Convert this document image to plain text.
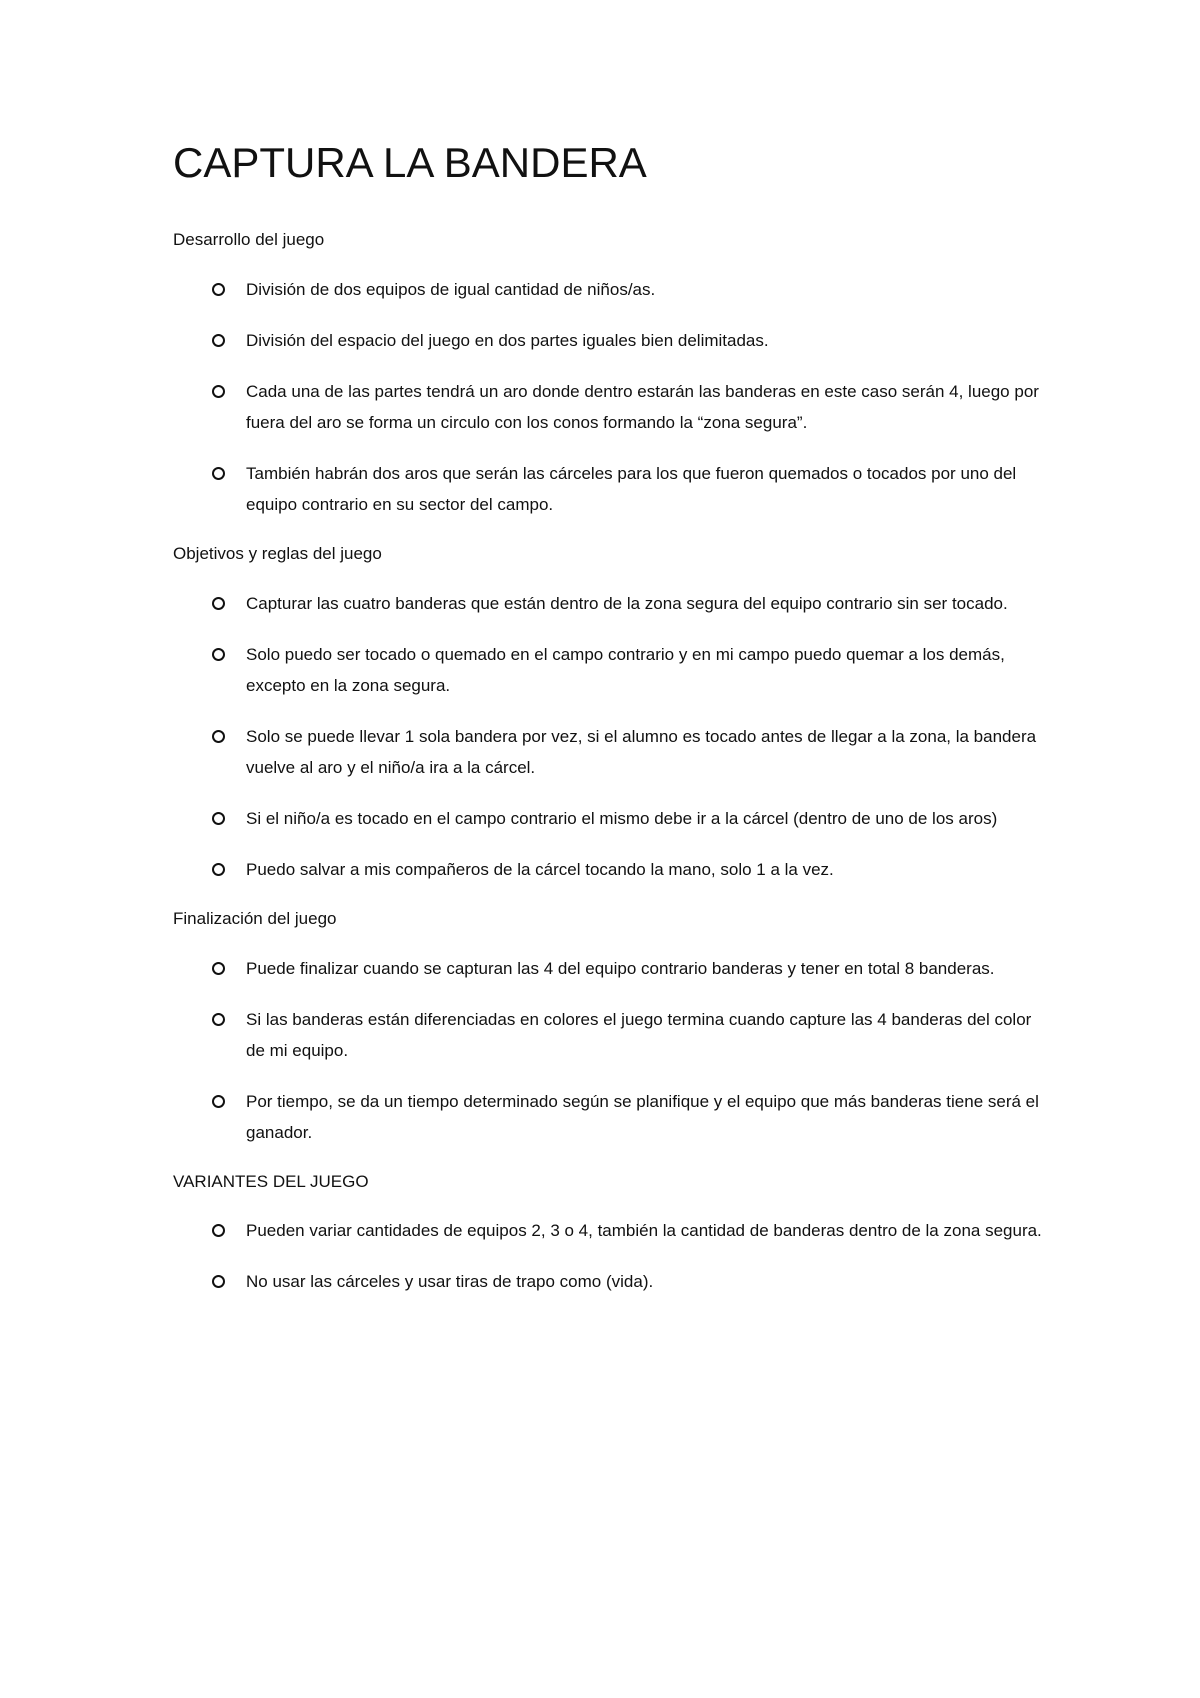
CAPTURA LA BANDERA
Desarrollo del juego
División de dos equipos de igual cantidad de niños/as.
División del espacio del juego en dos partes iguales bien delimitadas.
Cada una de las partes tendrá un aro donde dentro estarán las banderas en este caso serán 4, luego por fuera del aro se forma un circulo con los conos formando la “zona segura”.
También habrán dos aros que serán las cárceles para los que fueron quemados o tocados por uno del equipo contrario en su sector del campo.
Objetivos y reglas del juego
Capturar las cuatro banderas que están dentro de la zona segura del equipo contrario sin ser tocado.
Solo puedo ser tocado o quemado en el campo contrario y en mi campo puedo quemar a los demás, excepto en la zona segura.
Solo se puede llevar 1 sola bandera por vez, si el alumno es tocado antes de llegar a la zona, la bandera vuelve al aro y el niño/a ira a la cárcel.
Si el niño/a es tocado en el campo contrario el mismo debe ir a la cárcel (dentro de uno de los aros)
Puedo salvar a mis compañeros de la cárcel tocando la mano, solo 1 a la vez.
Finalización del juego
Puede finalizar cuando se capturan las 4 del equipo contrario banderas y tener en total 8 banderas.
Si las banderas están diferenciadas en colores el juego termina cuando capture las 4 banderas del color de mi equipo.
Por tiempo, se da un tiempo determinado según se planifique y el equipo que más banderas tiene será el ganador.
VARIANTES DEL JUEGO
Pueden variar cantidades de equipos 2, 3 o 4, también la cantidad de banderas dentro de la zona segura.
No usar las cárceles y usar tiras de trapo como (vida).
